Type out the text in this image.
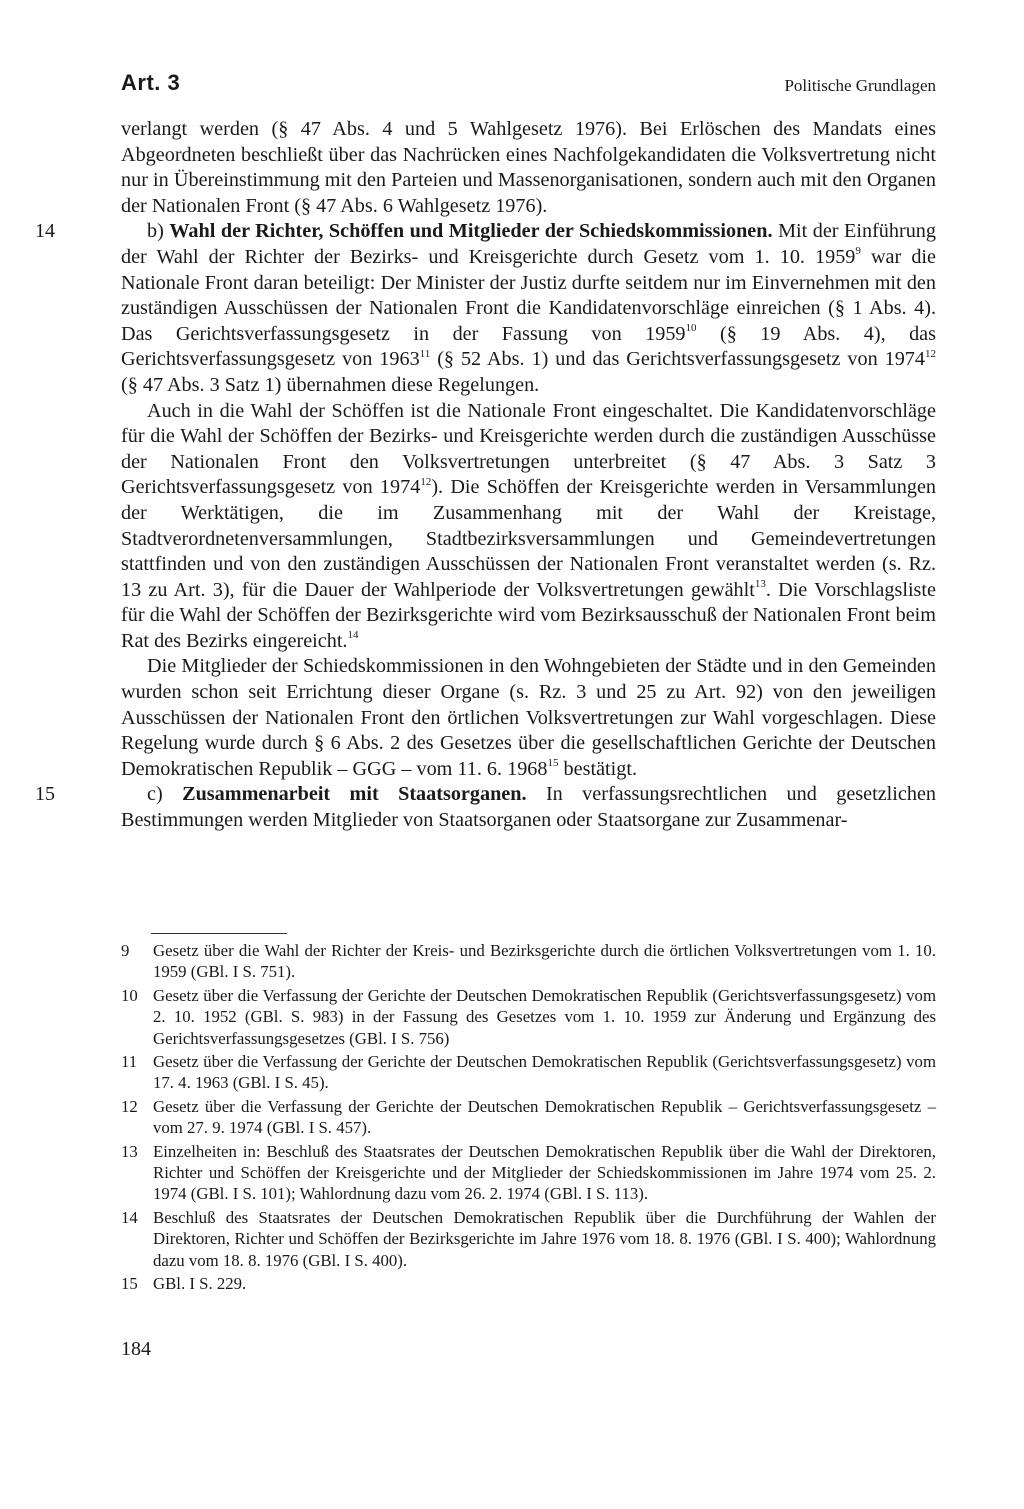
Art. 3	Politische Grundlagen

verlangt werden (§ 47 Abs. 4 und 5 Wahlgesetz 1976). Bei Erlöschen des Mandats eines Abgeordneten beschließt über das Nachrücken eines Nachfolgekandidaten die Volksvertretung nicht nur in Übereinstimmung mit den Parteien und Massenorganisationen, sondern auch mit den Organen der Nationalen Front (§ 47 Abs. 6 Wahlgesetz 1976).

14	b) Wahl der Richter, Schöffen und Mitglieder der Schiedskommissionen. Mit der Einführung der Wahl der Richter der Bezirks- und Kreisgerichte durch Gesetz vom 1. 10. 1959$^9$ war die Nationale Front daran beteiligt: Der Minister der Justiz durfte seitdem nur im Einvernehmen mit den zuständigen Ausschüssen der Nationalen Front die Kandidatenvorschläge einreichen (§ 1 Abs. 4). Das Gerichtsverfassungsgesetz in der Fassung von 1959$^{10}$ (§ 19 Abs. 4), das Gerichtsverfassungsgesetz von 1963$^{11}$ (§ 52 Abs. 1) und das Gerichtsverfassungsgesetz von 1974$^{12}$ (§ 47 Abs. 3 Satz 1) übernahmen diese Regelungen.

Auch in die Wahl der Schöffen ist die Nationale Front eingeschaltet. Die Kandidatenvorschläge für die Wahl der Schöffen der Bezirks- und Kreisgerichte werden durch die zuständigen Ausschüsse der Nationalen Front den Volksvertretungen unterbreitet (§ 47 Abs. 3 Satz 3 Gerichtsverfassungsgesetz von 1974$^{12}$). Die Schöffen der Kreisgerichte werden in Versammlungen der Werktätigen, die im Zusammenhang mit der Wahl der Kreistage, Stadtverordnetenversammlungen, Stadtbezirksversammlungen und Gemeindevertretungen stattfinden und von den zuständigen Ausschüssen der Nationalen Front veranstaltet werden (s. Rz. 13 zu Art. 3), für die Dauer der Wahlperiode der Volksvertretungen gewählt$^{13}$. Die Vorschlagsliste für die Wahl der Schöffen der Bezirksgerichte wird vom Bezirksausschuß der Nationalen Front beim Rat des Bezirks eingereicht.$^{14}$

Die Mitglieder der Schiedskommissionen in den Wohngebieten der Städte und in den Gemeinden wurden schon seit Errichtung dieser Organe (s. Rz. 3 und 25 zu Art. 92) von den jeweiligen Ausschüssen der Nationalen Front den örtlichen Volksvertretungen zur Wahl vorgeschlagen. Diese Regelung wurde durch § 6 Abs. 2 des Gesetzes über die gesellschaftlichen Gerichte der Deutschen Demokratischen Republik – GGG – vom 11. 6. 1968$^{15}$ bestätigt.

15	c) Zusammenarbeit mit Staatsorganen. In verfassungsrechtlichen und gesetzlichen Bestimmungen werden Mitglieder von Staatsorganen oder Staatsorgane zur Zusammenar-

9	Gesetz über die Wahl der Richter der Kreis- und Bezirksgerichte durch die örtlichen Volksvertretungen vom 1. 10. 1959 (GBl. I S. 751).
10 Gesetz über die Verfassung der Gerichte der Deutschen Demokratischen Republik (Gerichtsverfassungsgesetz) vom 2. 10. 1952 (GBl. S. 983) in der Fassung des Gesetzes vom 1. 10. 1959 zur Änderung und Ergänzung des Gerichtsverfassungsgesetzes (GBl. I S. 756)
11 Gesetz über die Verfassung der Gerichte der Deutschen Demokratischen Republik (Gerichtsverfassungsgesetz) vom 17. 4. 1963 (GBl. I S. 45).
12 Gesetz über die Verfassung der Gerichte der Deutschen Demokratischen Republik – Gerichtsverfassungsgesetz – vom 27. 9. 1974 (GBl. I S. 457).
13 Einzelheiten in: Beschluß des Staatsrates der Deutschen Demokratischen Republik über die Wahl der Direktoren, Richter und Schöffen der Kreisgerichte und der Mitglieder der Schiedskommissionen im Jahre 1974 vom 25. 2. 1974 (GBl. I S. 101); Wahlordnung dazu vom 26. 2. 1974 (GBl. I S. 113).
14 Beschluß des Staatsrates der Deutschen Demokratischen Republik über die Durchführung der Wahlen der Direktoren, Richter und Schöffen der Bezirksgerichte im Jahre 1976 vom 18. 8. 1976 (GBl. I S. 400); Wahlordnung dazu vom 18. 8. 1976 (GBl. I S. 400).
15 GBl. I S. 229.
184
